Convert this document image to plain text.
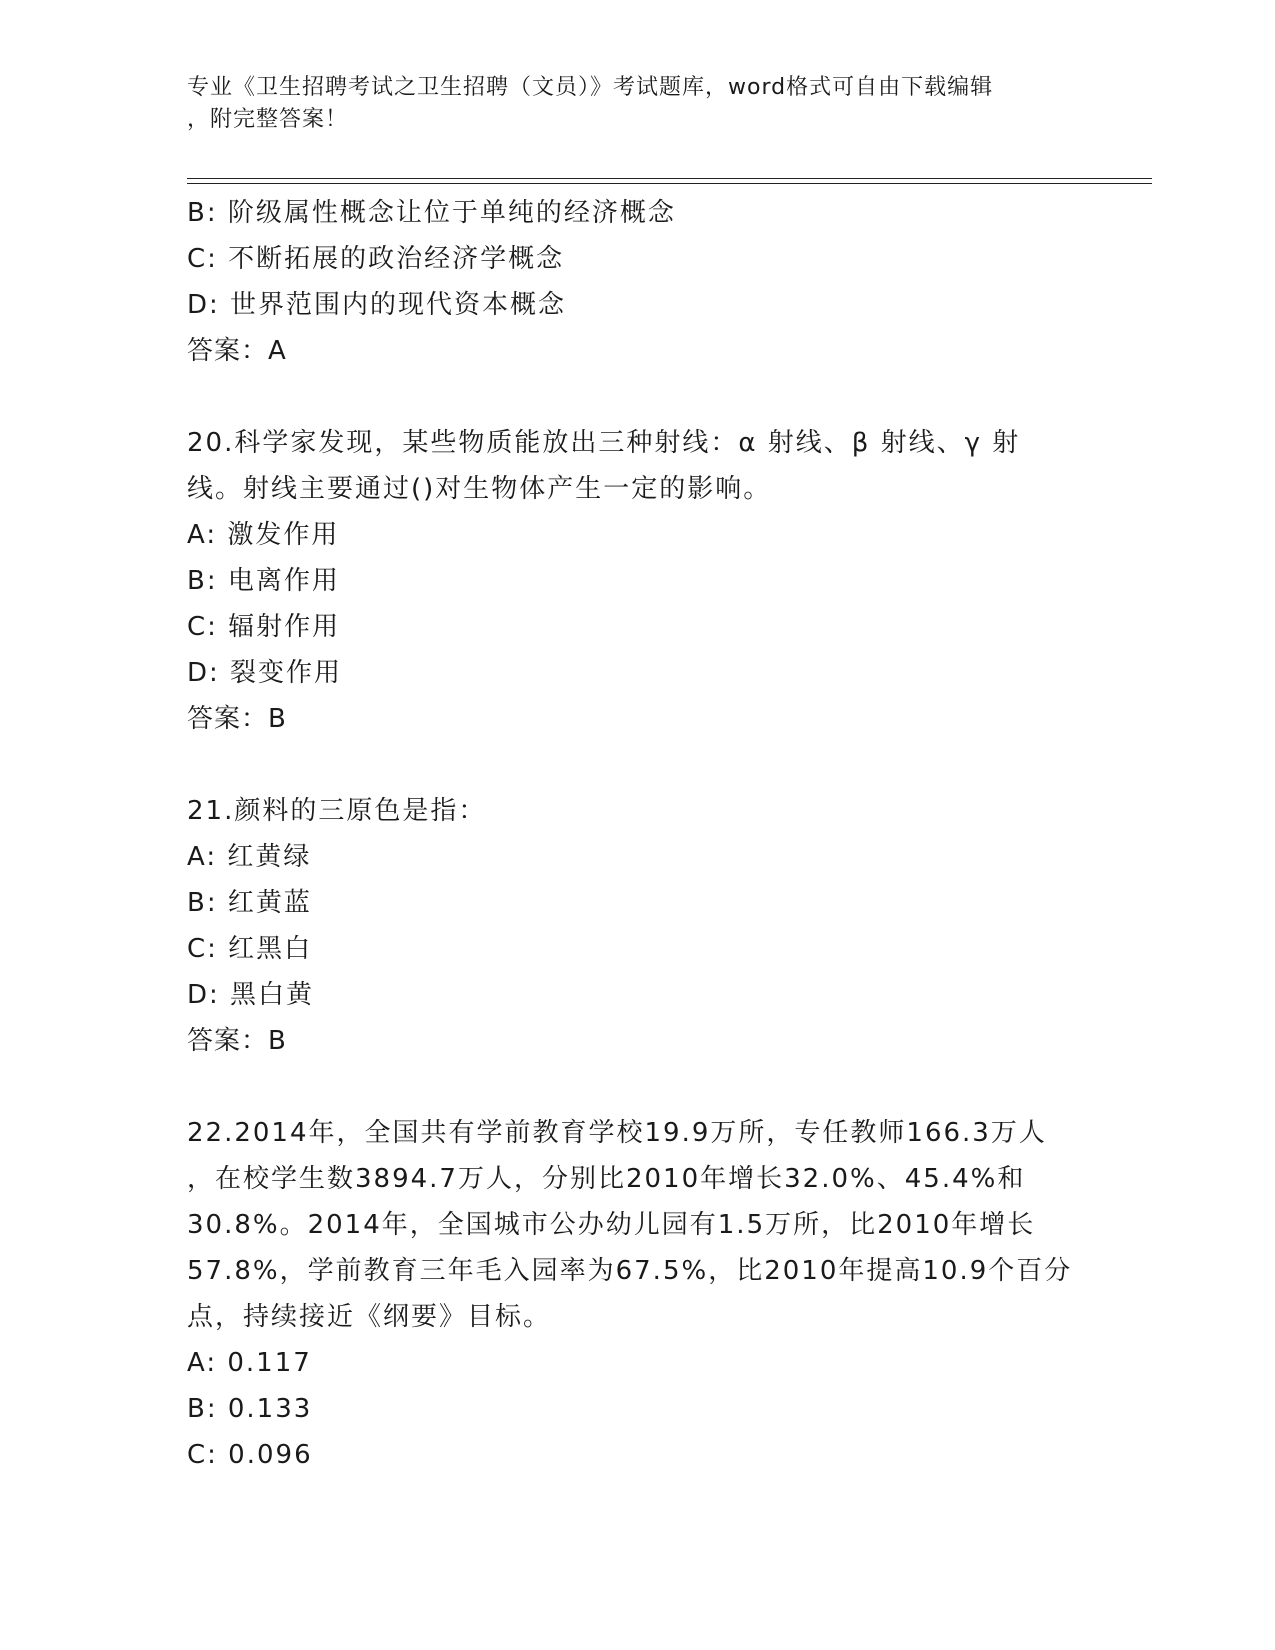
专业《卫生招聘考试之卫生招聘（文员）》考试题库，word格式可自由下载编辑
，附完整答案！
B: 阶级属性概念让位于单纯的经济概念
C: 不断拓展的政治经济学概念
D: 世界范围内的现代资本概念
答案：A
20.科学家发现，某些物质能放出三种射线：α 射线、β 射线、γ 射
线。射线主要通过()对生物体产生一定的影响。
A: 激发作用
B: 电离作用
C: 辐射作用
D: 裂变作用
答案：B
21.颜料的三原色是指：
A: 红黄绿
B: 红黄蓝
C: 红黑白
D: 黑白黄
答案：B
22.2014年，全国共有学前教育学校19.9万所，专任教师166.3万人
，在校学生数3894.7万人，分别比2010年增长32.0%、45.4%和
30.8%。2014年，全国城市公办幼儿园有1.5万所，比2010年增长
57.8%，学前教育三年毛入园率为67.5%，比2010年提高10.9个百分
点，持续接近《纲要》目标。
A: 0.117
B: 0.133
C: 0.096
